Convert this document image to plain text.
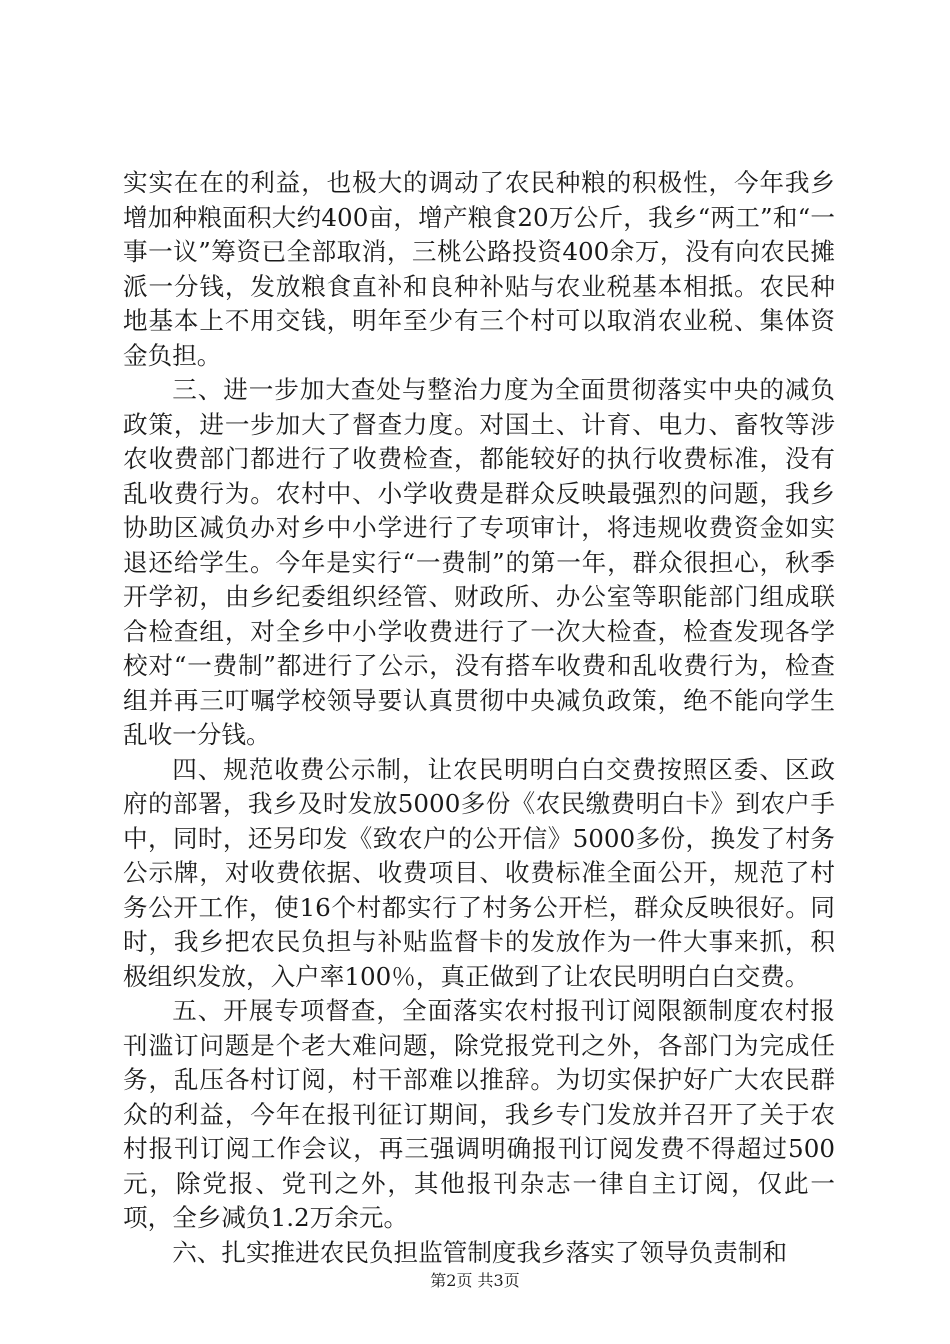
实实在在的利益，也极大的调动了农民种粮的积极性，今年我乡增加种粮面积大约400亩，增产粮食20万公斤，我乡“两工”和“一事一议”筹资已全部取消，三桃公路投资400余万，没有向农民摊派一分钱，发放粮食直补和良种补贴与农业税基本相抵。农民种地基本上不用交钱，明年至少有三个村可以取消农业税、集体资金负担。

三、进一步加大查处与整治力度为全面贯彻落实中央的减负政策，进一步加大了督查力度。对国土、计育、电力、畜牧等涉农收费部门都进行了收费检查，都能较好的执行收费标准，没有乱收费行为。农村中、小学收费是群众反映最强烈的问题，我乡协助区减负办对乡中小学进行了专项审计，将违规收费资金如实退还给学生。今年是实行“一费制”的第一年，群众很担心，秋季开学初，由乡纪委组织经管、财政所、办公室等职能部门组成联合检查组，对全乡中小学收费进行了一次大检查，检查发现各学校对“一费制”都进行了公示，没有搭车收费和乱收费行为，检查组并再三叮嘱学校领导要认真贯彻中央减负政策，绝不能向学生乱收一分钱。

四、规范收费公示制，让农民明明白白交费按照区委、区政府的部署，我乡及时发放5000多份《农民缴费明白卡》到农户手中，同时，还另印发《致农户的公开信》5000多份，换发了村务公示牌，对收费依据、收费项目、收费标准全面公开，规范了村务公开工作，使16个村都实行了村务公开栏，群众反映很好。同时，我乡把农民负担与补贴监督卡的发放作为一件大事来抓，积极组织发放，入户率100％，真正做到了让农民明明白白交费。

五、开展专项督查，全面落实农村报刊订阅限额制度农村报刊滥订问题是个老大难问题，除党报党刊之外，各部门为完成任务，乱压各村订阅，村干部难以推辞。为切实保护好广大农民群众的利益，今年在报刊征订期间，我乡专门发放并召开了关于农村报刊订阅工作会议，再三强调明确报刊订阅发费不得超过500元，除党报、党刊之外，其他报刊杂志一律自主订阅，仅此一项，全乡减负1.2万余元。

六、扎实推进农民负担监管制度我乡落实了领导负责制和

第2页 共3页
